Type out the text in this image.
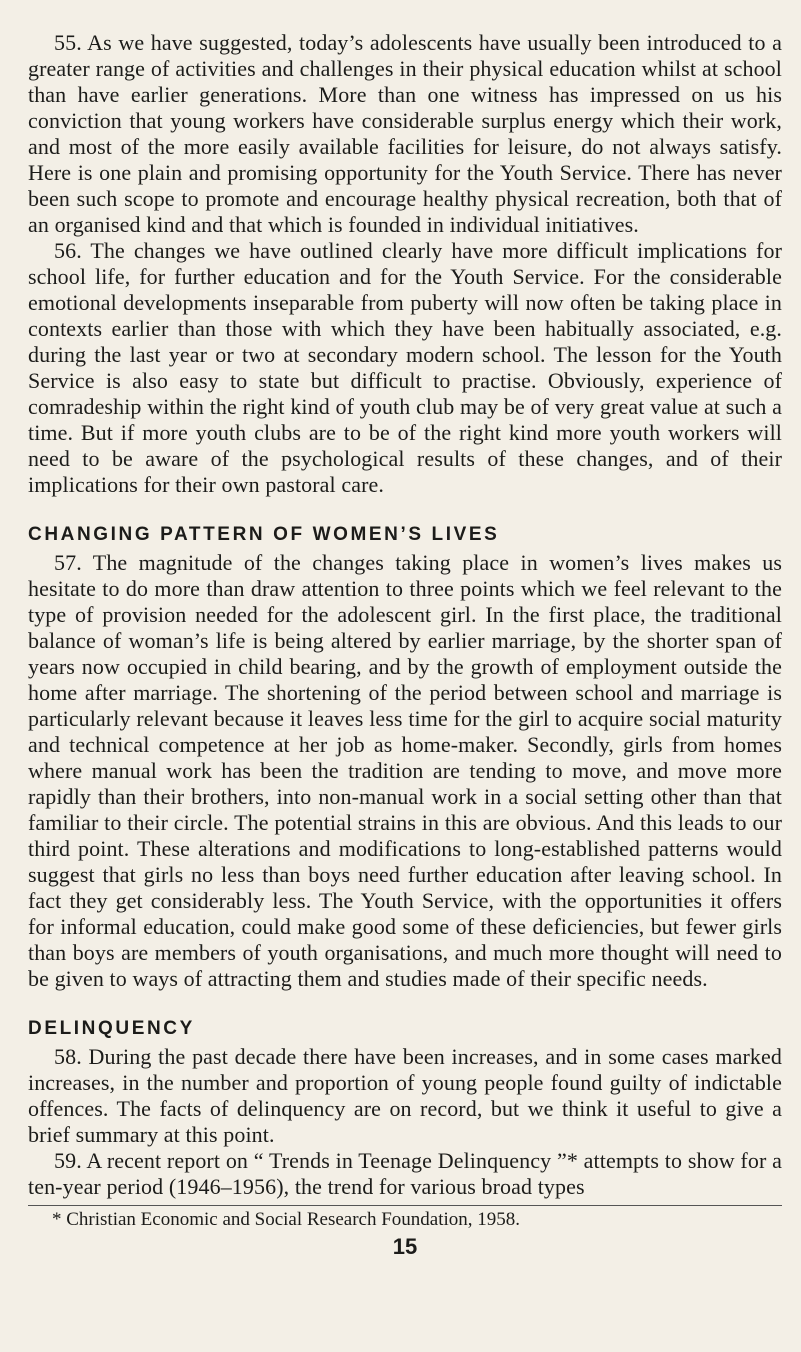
55. As we have suggested, today’s adolescents have usually been introduced to a greater range of activities and challenges in their physical education whilst at school than have earlier generations. More than one witness has impressed on us his conviction that young workers have considerable surplus energy which their work, and most of the more easily available facilities for leisure, do not always satisfy. Here is one plain and promising opportunity for the Youth Service. There has never been such scope to promote and encourage healthy physical recreation, both that of an organised kind and that which is founded in individual initiatives.

56. The changes we have outlined clearly have more difficult implications for school life, for further education and for the Youth Service. For the considerable emotional developments inseparable from puberty will now often be taking place in contexts earlier than those with which they have been habitually associated, e.g. during the last year or two at secondary modern school. The lesson for the Youth Service is also easy to state but difficult to practise. Obviously, experience of comradeship within the right kind of youth club may be of very great value at such a time. But if more youth clubs are to be of the right kind more youth workers will need to be aware of the psychological results of these changes, and of their implications for their own pastoral care.

CHANGING PATTERN OF WOMEN’S LIVES

57. The magnitude of the changes taking place in women’s lives makes us hesitate to do more than draw attention to three points which we feel relevant to the type of provision needed for the adolescent girl. In the first place, the traditional balance of woman’s life is being altered by earlier marriage, by the shorter span of years now occupied in child bearing, and by the growth of employment outside the home after marriage. The shortening of the period between school and marriage is particularly relevant because it leaves less time for the girl to acquire social maturity and technical competence at her job as home-maker. Secondly, girls from homes where manual work has been the tradition are tending to move, and move more rapidly than their brothers, into non-manual work in a social setting other than that familiar to their circle. The potential strains in this are obvious. And this leads to our third point. These alterations and modifications to long-established patterns would suggest that girls no less than boys need further education after leaving school. In fact they get considerably less. The Youth Service, with the opportunities it offers for informal education, could make good some of these deficiencies, but fewer girls than boys are members of youth organisations, and much more thought will need to be given to ways of attracting them and studies made of their specific needs.

DELINQUENCY

58. During the past decade there have been increases, and in some cases marked increases, in the number and proportion of young people found guilty of indictable offences. The facts of delinquency are on record, but we think it useful to give a brief summary at this point.

59. A recent report on “ Trends in Teenage Delinquency ”* attempts to show for a ten-year period (1946–1956), the trend for various broad types

* Christian Economic and Social Research Foundation, 1958.

15
